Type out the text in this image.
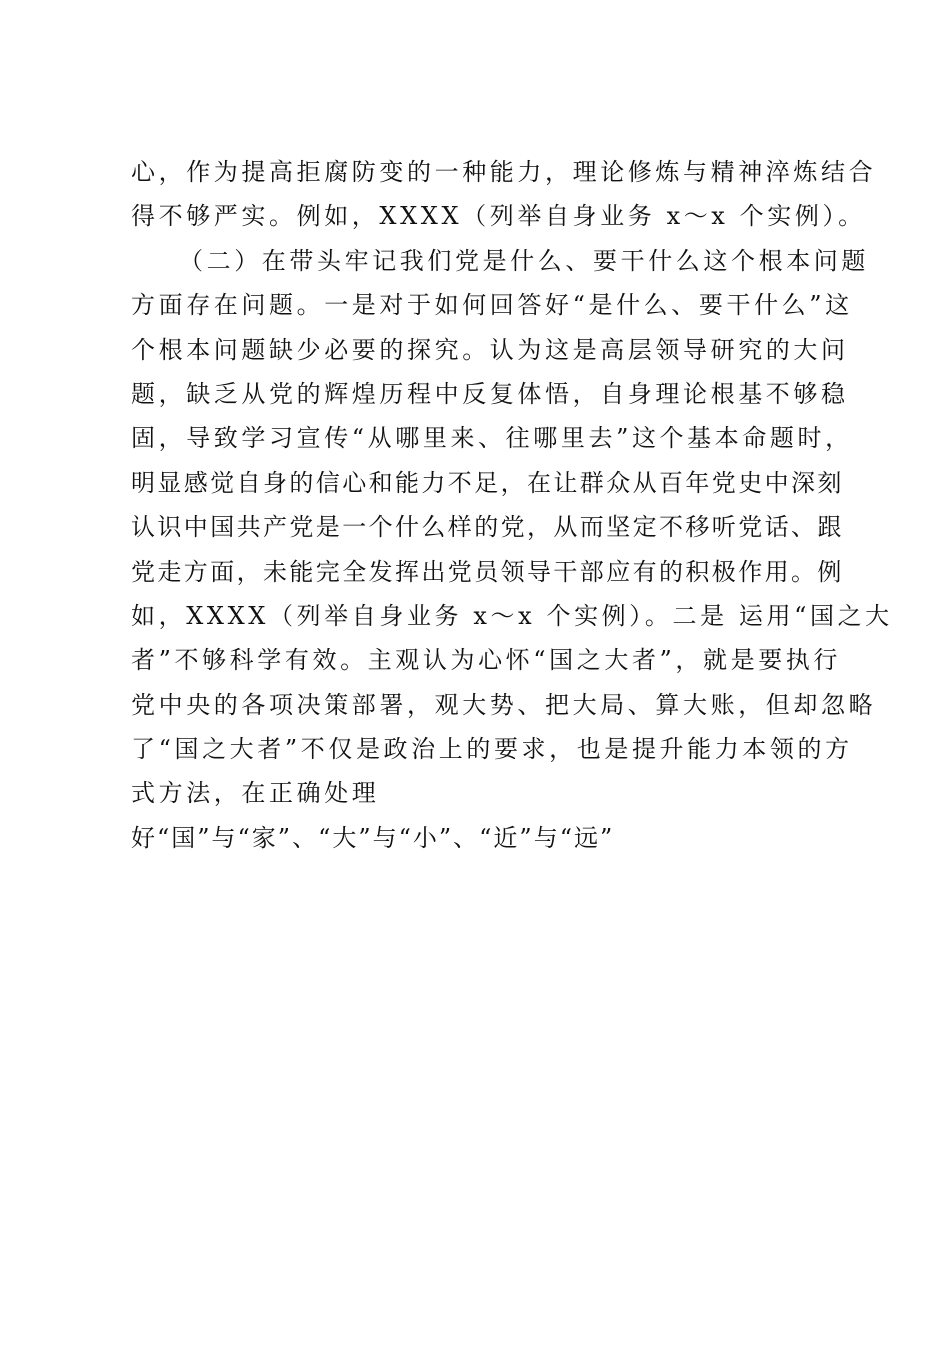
心，作为提高拒腐防变的一种能力，理论修炼与精神淬炼结合
得不够严实。例如，XXXX（列举自身业务 x～x 个实例）。
（二）在带头牢记我们党是什么、要干什么这个根本问题
方面存在问题。一是对于如何回答好“是什么、要干什么”这
个根本问题缺少必要的探究。认为这是高层领导研究的大问
题，缺乏从党的辉煌历程中反复体悟，自身理论根基不够稳
固，导致学习宣传“从哪里来、往哪里去”这个基本命题时，
明显感觉自身的信心和能力不足，在让群众从百年党史中深刻
认识中国共产党是一个什么样的党，从而坚定不移听党话、跟
党走方面，未能完全发挥出党员领导干部应有的积极作用。例
如，XXXX（列举自身业务 x～x 个实例）。二是 运用“国之大
者”不够科学有效。主观认为心怀“国之大者”，就是要执行
党中央的各项决策部署，观大势、把大局、算大账，但却忽略
了“国之大者”不仅是政治上的要求，也是提升能力本领的方
式方法，在正确处理
好“国”与“家”、“大”与“小”、“近”与“远”
